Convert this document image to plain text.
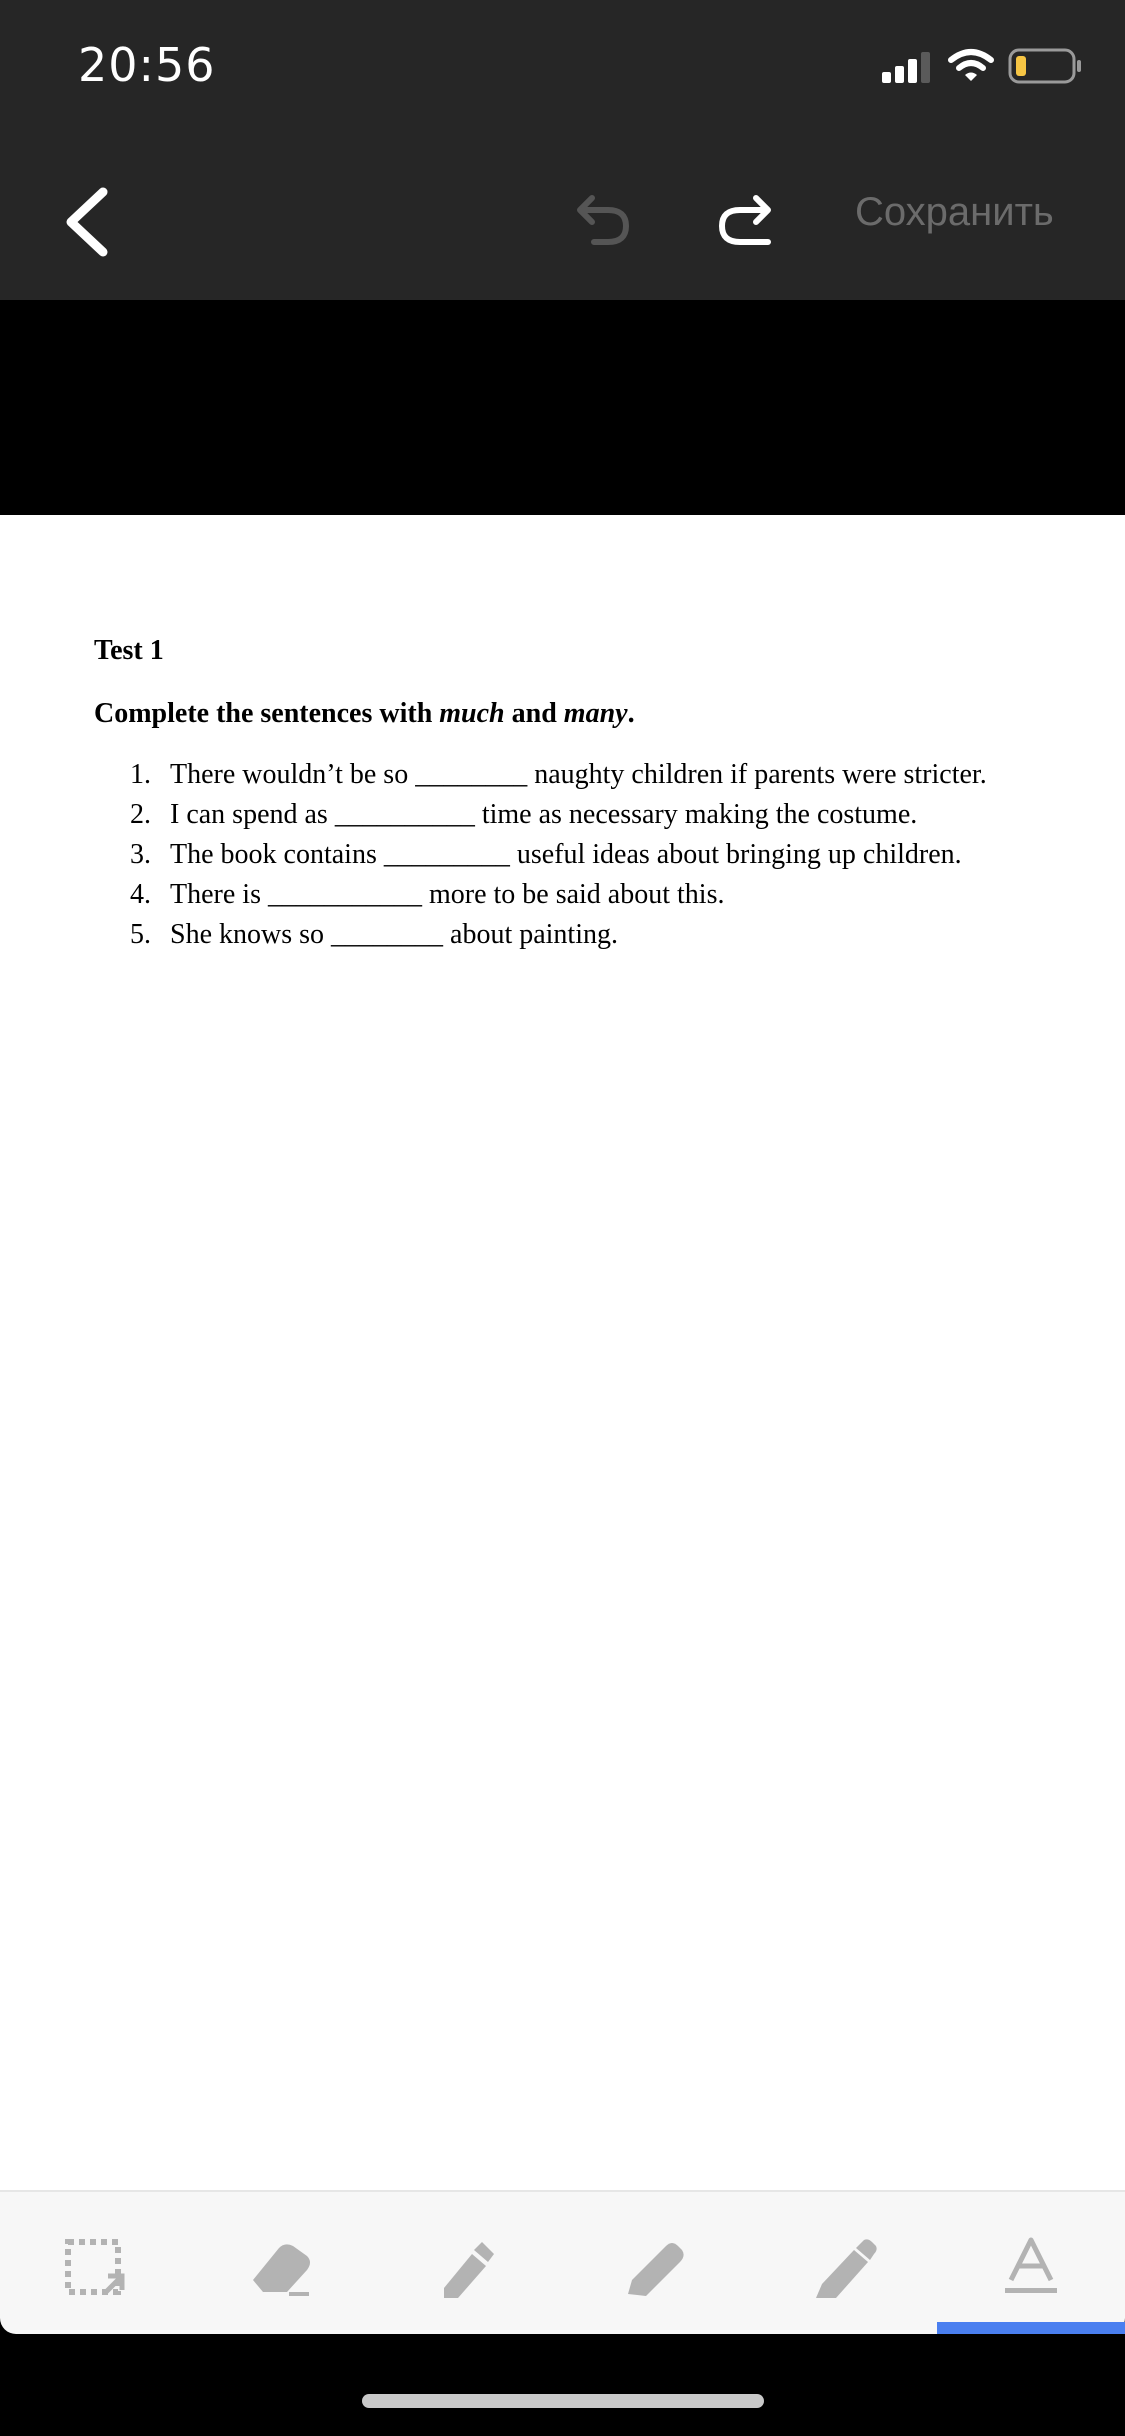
20:56
Сохранить
Test 1
Complete the sentences with much and many.
1. There wouldn’t be so ________ naughty children if parents were stricter.
2. I can spend as __________ time as necessary making the costume.
3. The book contains _________ useful ideas about bringing up children.
4. There is ___________ more to be said about this.
5. She knows so ________ about painting.
